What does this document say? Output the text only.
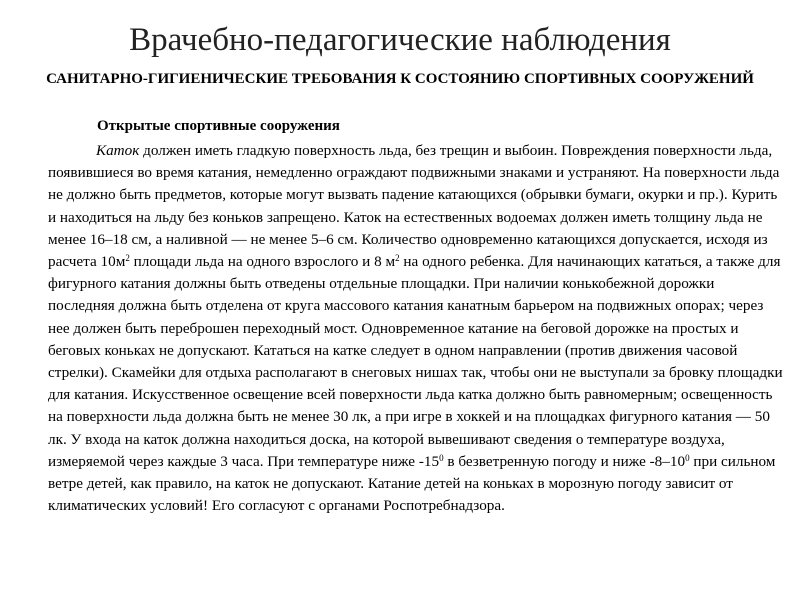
Врачебно-педагогические наблюдения
САНИТАРНО-ГИГИЕНИЧЕСКИЕ ТРЕБОВАНИЯ К СОСТОЯНИЮ СПОРТИВНЫХ СООРУЖЕНИЙ
Открытые спортивные сооружения
Каток должен иметь гладкую поверхность льда, без трещин и выбоин. Повреждения поверхности льда, появившиеся во время катания, немедленно ограждают подвижными знаками и устраняют. На поверхности льда не должно быть предметов, которые могут вызвать падение катающихся (обрывки бумаги, окурки и пр.). Курить и находиться на льду без коньков запрещено. Каток на естественных водоемах должен иметь толщину льда не менее 16–18 см, а наливной — не менее 5–6 см. Количество одновременно катающихся допускается, исходя из расчета $10м^2$ площади льда на одного взрослого и 8 $м^2$ на одного ребенка. Для начинающих кататься, а также для фигурного катания должны быть отведены отдельные площадки. При наличии конькобежной дорожки последняя должна быть отделена от круга массового катания канатным барьером на подвижных опорах; через нее должен быть переброшен переходный мост. Одновременное катание на беговой дорожке на простых и беговых коньках не допускают. Кататься на катке следует в одном направлении (против движения часовой стрелки). Скамейки для отдыха располагают в снеговых нишах так, чтобы они не выступали за бровку площадки для катания. Искусственное освещение всей поверхности льда катка должно быть равномерным; освещенность на поверхности льда должна быть не менее 30 лк, а при игре в хоккей и на площадках фигурного катания — 50 лк. У входа на каток должна находиться доска, на которой вывешивают сведения о температуре воздуха, измеряемой через каждые 3 часа. При температуре ниже $-15^0$ в безветренную погоду и ниже $-8-10^0$ при сильном ветре детей, как правило, на каток не допускают. Катание детей на коньках в морозную погоду зависит от климатических условий! Его согласуют с органами Роспотребнадзора.
